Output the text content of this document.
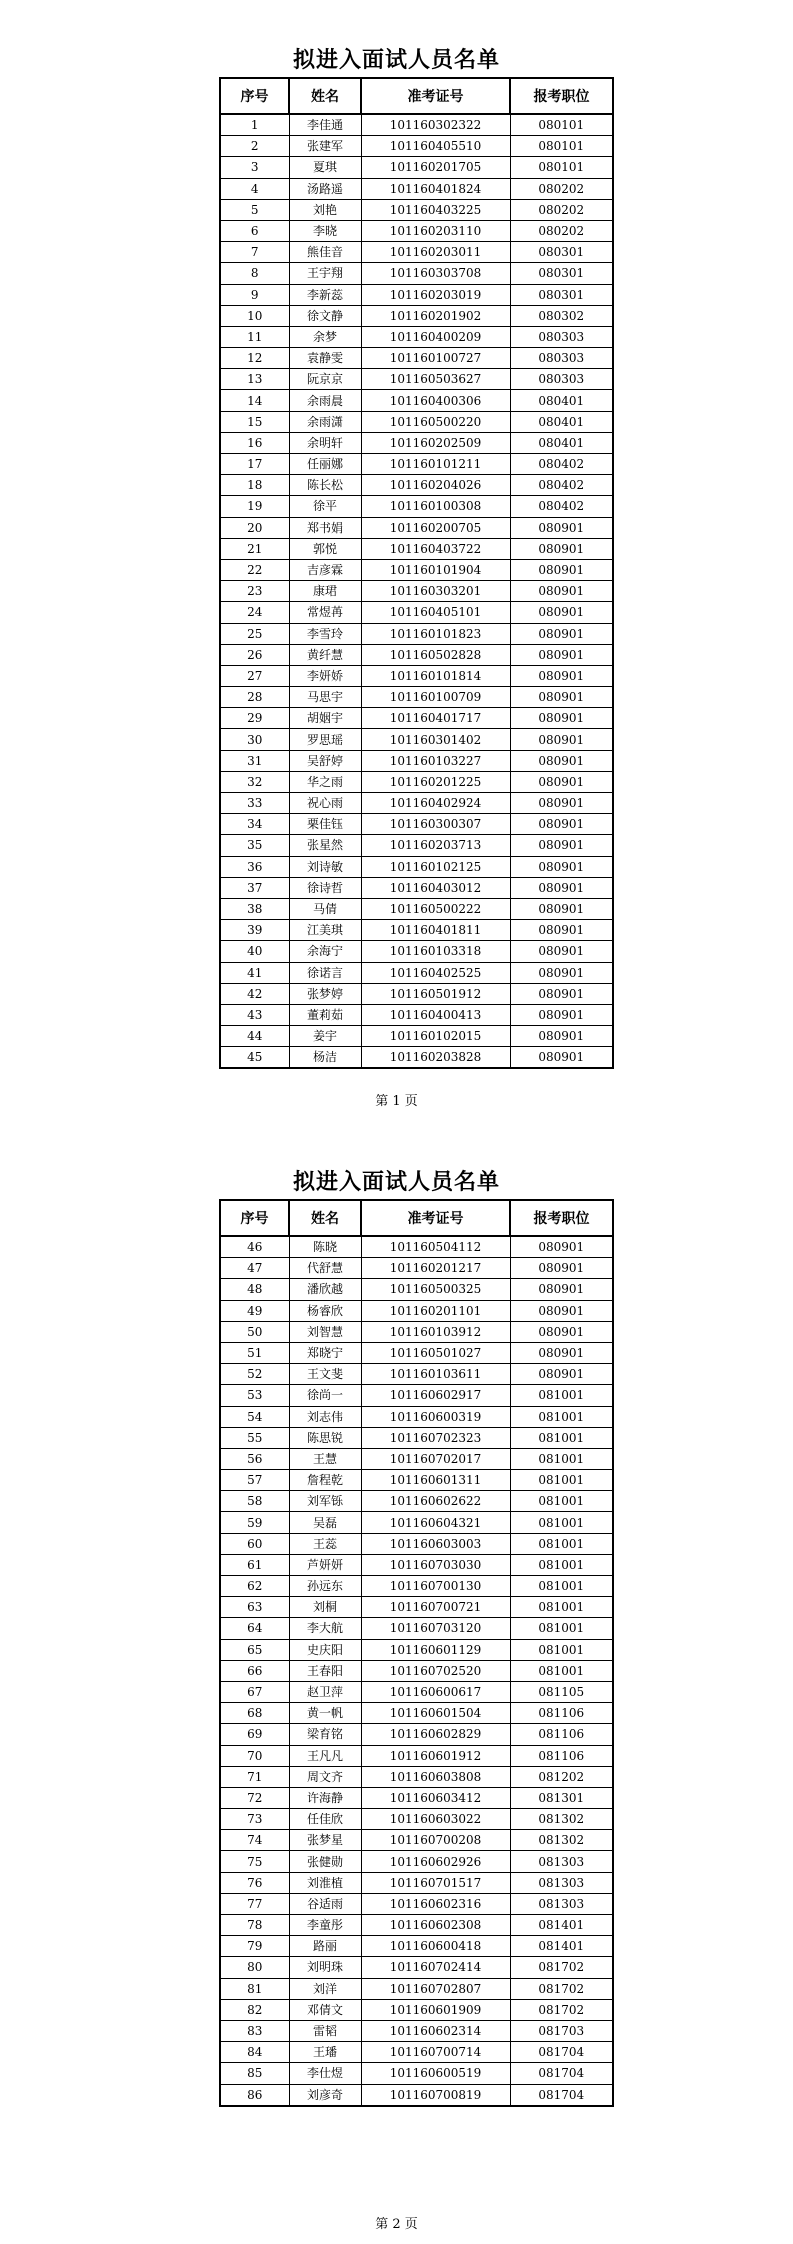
拟进入面试人员名单
序号	姓名	准考证号	报考职位
1	李佳通	101160302322	080101
2	张建军	101160405510	080101
3	夏琪	101160201705	080101
4	汤路遥	101160401824	080202
5	刘艳	101160403225	080202
6	李晓	101160203110	080202
7	熊佳音	101160203011	080301
8	王宇翔	101160303708	080301
9	李新蕊	101160203019	080301
10	徐文静	101160201902	080302
11	余梦	101160400209	080303
12	袁静雯	101160100727	080303
13	阮京京	101160503627	080303
14	余雨晨	101160400306	080401
15	余雨潇	101160500220	080401
16	余明轩	101160202509	080401
17	任丽娜	101160101211	080402
18	陈长松	101160204026	080402
19	徐平	101160100308	080402
20	郑书娟	101160200705	080901
21	郭悦	101160403722	080901
22	吉彦霖	101160101904	080901
23	康珺	101160303201	080901
24	常煜苒	101160405101	080901
25	李雪玲	101160101823	080901
26	黄纤慧	101160502828	080901
27	李妍娇	101160101814	080901
28	马思宇	101160100709	080901
29	胡姻宇	101160401717	080901
30	罗思瑶	101160301402	080901
31	吴舒婷	101160103227	080901
32	华之雨	101160201225	080901
33	祝心雨	101160402924	080901
34	栗佳钰	101160300307	080901
35	张星然	101160203713	080901
36	刘诗敏	101160102125	080901
37	徐诗哲	101160403012	080901
38	马倩	101160500222	080901
39	江美琪	101160401811	080901
40	余海宁	101160103318	080901
41	徐诺言	101160402525	080901
42	张梦婷	101160501912	080901
43	董莉茹	101160400413	080901
44	姜宇	101160102015	080901
45	杨洁	101160203828	080901
第 1 页
拟进入面试人员名单
序号	姓名	准考证号	报考职位
46	陈晓	101160504112	080901
47	代舒慧	101160201217	080901
48	潘欣越	101160500325	080901
49	杨睿欣	101160201101	080901
50	刘智慧	101160103912	080901
51	郑晓宁	101160501027	080901
52	王文斐	101160103611	080901
53	徐尚一	101160602917	081001
54	刘志伟	101160600319	081001
55	陈思锐	101160702323	081001
56	王慧	101160702017	081001
57	詹程乾	101160601311	081001
58	刘军铄	101160602622	081001
59	吴磊	101160604321	081001
60	王蕊	101160603003	081001
61	芦妍妍	101160703030	081001
62	孙远东	101160700130	081001
63	刘桐	101160700721	081001
64	李大航	101160703120	081001
65	史庆阳	101160601129	081001
66	王春阳	101160702520	081001
67	赵卫萍	101160600617	081105
68	黄一帆	101160601504	081106
69	梁育铭	101160602829	081106
70	王凡凡	101160601912	081106
71	周文齐	101160603808	081202
72	许海静	101160603412	081301
73	任佳欣	101160603022	081302
74	张梦星	101160700208	081302
75	张健勋	101160602926	081303
76	刘淮植	101160701517	081303
77	谷适雨	101160602316	081303
78	李童彤	101160602308	081401
79	路丽	101160600418	081401
80	刘明珠	101160702414	081702
81	刘洋	101160702807	081702
82	邓倩文	101160601909	081702
83	雷韬	101160602314	081703
84	王璠	101160700714	081704
85	李仕煜	101160600519	081704
86	刘彦奇	101160700819	081704
第 2 页
